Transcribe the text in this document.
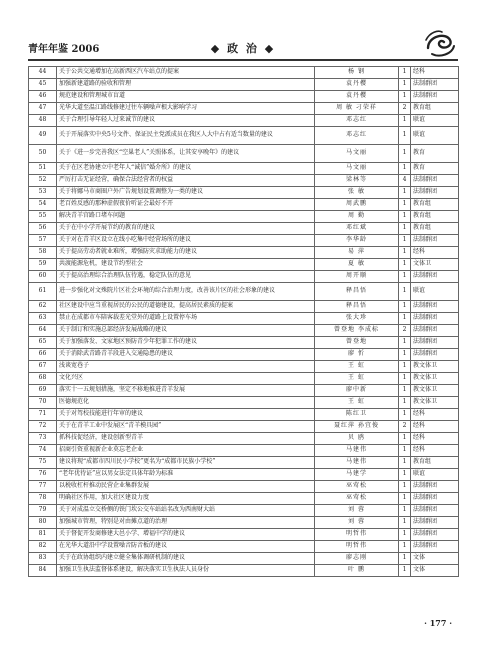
青年年鉴 2006	◆ 政 治 ◆
44	关于公共交通增加在高新西区汽车站点的提案	杨 钢	1	经科
45	加强新建道路的验收和管理	袁丹樱	1	法制群团
46	规范建设和管理城市盲道	袁丹樱	1	法制群团
47	光华大道至温江路线修建过往车辆噪声根大影响学习	周 敏 刁荣祥	2	教育组
48	关于合理引导年轻人过来诚节的建议	邓志红	1	联谊
49	关于开展落实中央5号文件、保证民主党派成员在我区人大中占有适当数量的建议	邓志红	1	联谊
50	关于《进一步完善我区“空巢老人”关照体系，让其安享晚年》的建议	马文丽	1	教育
51	关于在区老协建立中老年人“诚信”婚介所》的建议	马文丽	1	教育
52	严厉打击无证经营，确保合法经营者的权益	梁林等	4	法制群团
53	关于将娜马市商圈户外广告规划设置调整为一类的建议	张 敏	1	法制群团
54	老百姓反感的那种虚假夜价听证会最好不开	周武鹏	1	教育组
55	解决青羊宫路口堵车问题	周 勤	1	教育组
56	关于在中小学开展节约的教育的建议	邓红斌	1	教育组
57	关于对在青羊区设立在线小吃集中经营场所的建议	李华龄	1	法制群团
58	关于提高劳动者就业难所，增强防灾求助能力的建议	易 萍	1	经科
59	共渡能源危机，建设节约型社会	夏 敏	1	文体卫
60	关于提高治理综合治理队伍待遇，稳定队伍的意见	周开顺	1	法制群团
61	进一步强化对文殊院片区社会环境的综合治理力度，改善该片区的社会形象的建议	释昌悟	1	联谊
62	社区建设中应当重视居民的公民的道德建设，提高居民素质的提案	释昌悟	1	法制群团
63	禁止在成都市车陪客载差光堂外的道路上设置停车场	张大珍	1	法制群团
64	关于制订和实施总部经济发展战略的建议	曾登地 李成标	2	法制群团
65	关于加强落发、文家地区预防青少年犯罪工作的建议	曾登地	1	法制群团
66	关于消除武青路青羊段进入交通隐患的建议	廖 忻	1	法制群团
67	浅谈宽巷子	王 虹	1	教文体卫
68	文化兴区	王 虹	1	教文体卫
69	落实十一五规划措施，坚定不移地推进青羊发展	廖中新	1	教文体卫
70	医德规范化	王 虹	1	教文体卫
71	关于对驾校技能进行年审的建议	陈红卫	1	经科
72	关于在青羊工业中发展区“青羊模具园”	聂红萍 孙宜俊	2	经科
73	抓科技促经济，建设创新型青羊	贝 鸥	1	经科
74	招商引资重视新企业莫忘老企业	马建伟	1	经科
75	建议将现“成都市四川民小学校”更名为“成都市民族小学校”	马建伟	1	教育组
76	“老年优待证”应以男女法定具体年龄为标准	马建学	1	联谊
77	以税收杠杆推动民营企业集群发展	巫莺松	1	法制群团
78	明确社区作用，加大社区建设力度	巫莺松	1	法制群团
79	关于对成温立交桥侧的铁门坎公交车站站名改为西南财大站	刘 蓉	1	法制群团
80	加强城市管理，特别是对由摊点道的治理	刘 蓉	1	法制群团
81	关于督促开发商修建大邑小学、增福中学的建议	明哲伟	1	法制群团
82	在光华大道沿中学设置噪音防音板的建议	明哲伟	1	法制群团
83	关于在政协组织内建立健全集体调研机制的建议	廖志刚	1	文体
84	加强卫生执法监督体系建设，解决落实卫生执法人员身份	叶 鹏	1	文体
· 177 ·
